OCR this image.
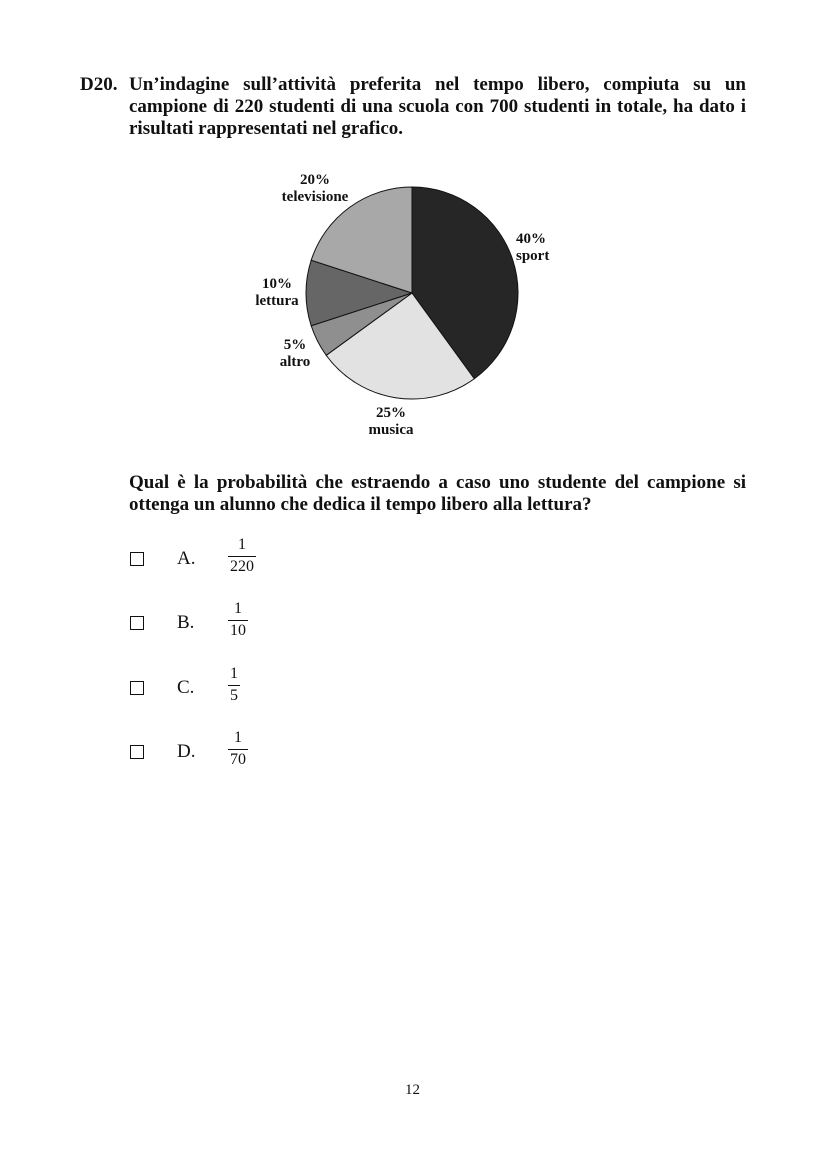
D20. Un’indagine sull’attività preferita nel tempo libero, compiuta su un campione di 220 studenti di una scuola con 700 studenti in totale, ha dato i risultati rappresentati nel grafico.
20%
televisione
40%
sport
10%
lettura
5%
altro
25%
musica
Qual è la probabilità che estraendo a caso uno studente del campione si ottenga un alunno che dedica il tempo libero alla lettura?
A.
1
220
B.
1
10
C.
1
5
D.
1
70
12
